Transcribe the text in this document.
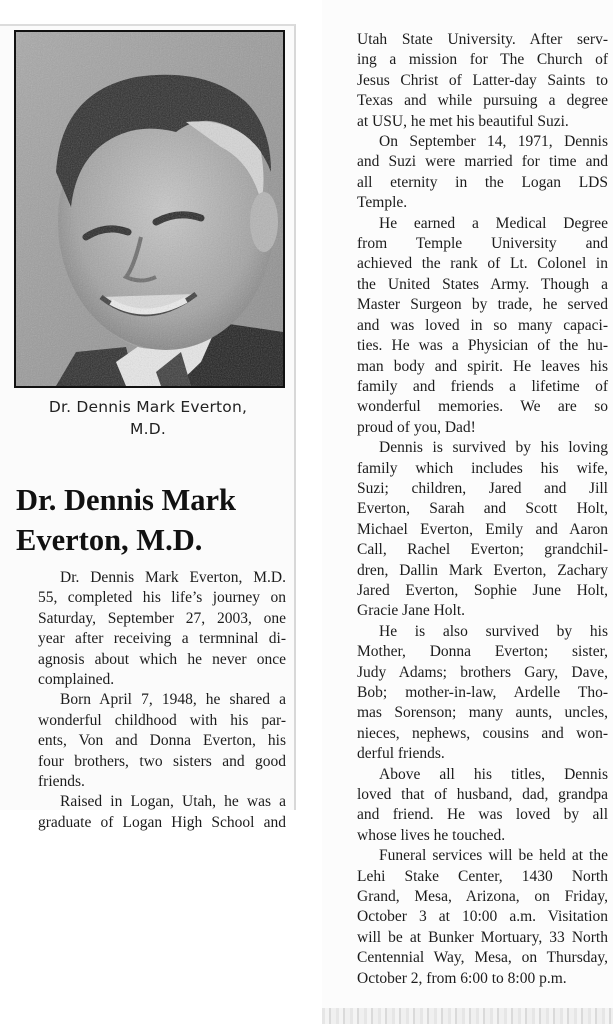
Dr. Dennis Mark Everton,
M.D.
Dr. Dennis Mark
Everton, M.D.

Dr. Dennis Mark Everton, M.D.
55, completed his life’s journey on
Saturday, September 27, 2003, one
year after receiving a termninal di-
agnosis about which he never once
complained.

Born April 7, 1948, he shared a
wonderful childhood with his par-
ents, Von and Donna Everton, his
four brothers, two sisters and good
friends.

Raised in Logan, Utah, he was a
graduate of Logan High School and

Utah State University. After serv-
ing a mission for The Church of
Jesus Christ of Latter-day Saints to
Texas and while pursuing a degree
at USU, he met his beautiful Suzi.

On September 14, 1971, Dennis
and Suzi were married for time and
all eternity in the Logan LDS
Temple.

He earned a Medical Degree
from Temple University and
achieved the rank of Lt. Colonel in
the United States Army. Though a
Master Surgeon by trade, he served
and was loved in so many capaci-
ties. He was a Physician of the hu-
man body and spirit. He leaves his
family and friends a lifetime of
wonderful memories. We are so
proud of you, Dad!

Dennis is survived by his loving
family which includes his wife,
Suzi; children, Jared and Jill
Everton, Sarah and Scott Holt,
Michael Everton, Emily and Aaron
Call, Rachel Everton; grandchil-
dren, Dallin Mark Everton, Zachary
Jared Everton, Sophie June Holt,
Gracie Jane Holt.

He is also survived by his
Mother, Donna Everton; sister,
Judy Adams; brothers Gary, Dave,
Bob; mother-in-law, Ardelle Tho-
mas Sorenson; many aunts, uncles,
nieces, nephews, cousins and won-
derful friends.

Above all his titles, Dennis
loved that of husband, dad, grandpa
and friend. He was loved by all
whose lives he touched.

Funeral services will be held at the
Lehi Stake Center, 1430 North
Grand, Mesa, Arizona, on Friday,
October 3 at 10:00 a.m. Visitation
will be at Bunker Mortuary, 33 North
Centennial Way, Mesa, on Thursday,
October 2, from 6:00 to 8:00 p.m.
